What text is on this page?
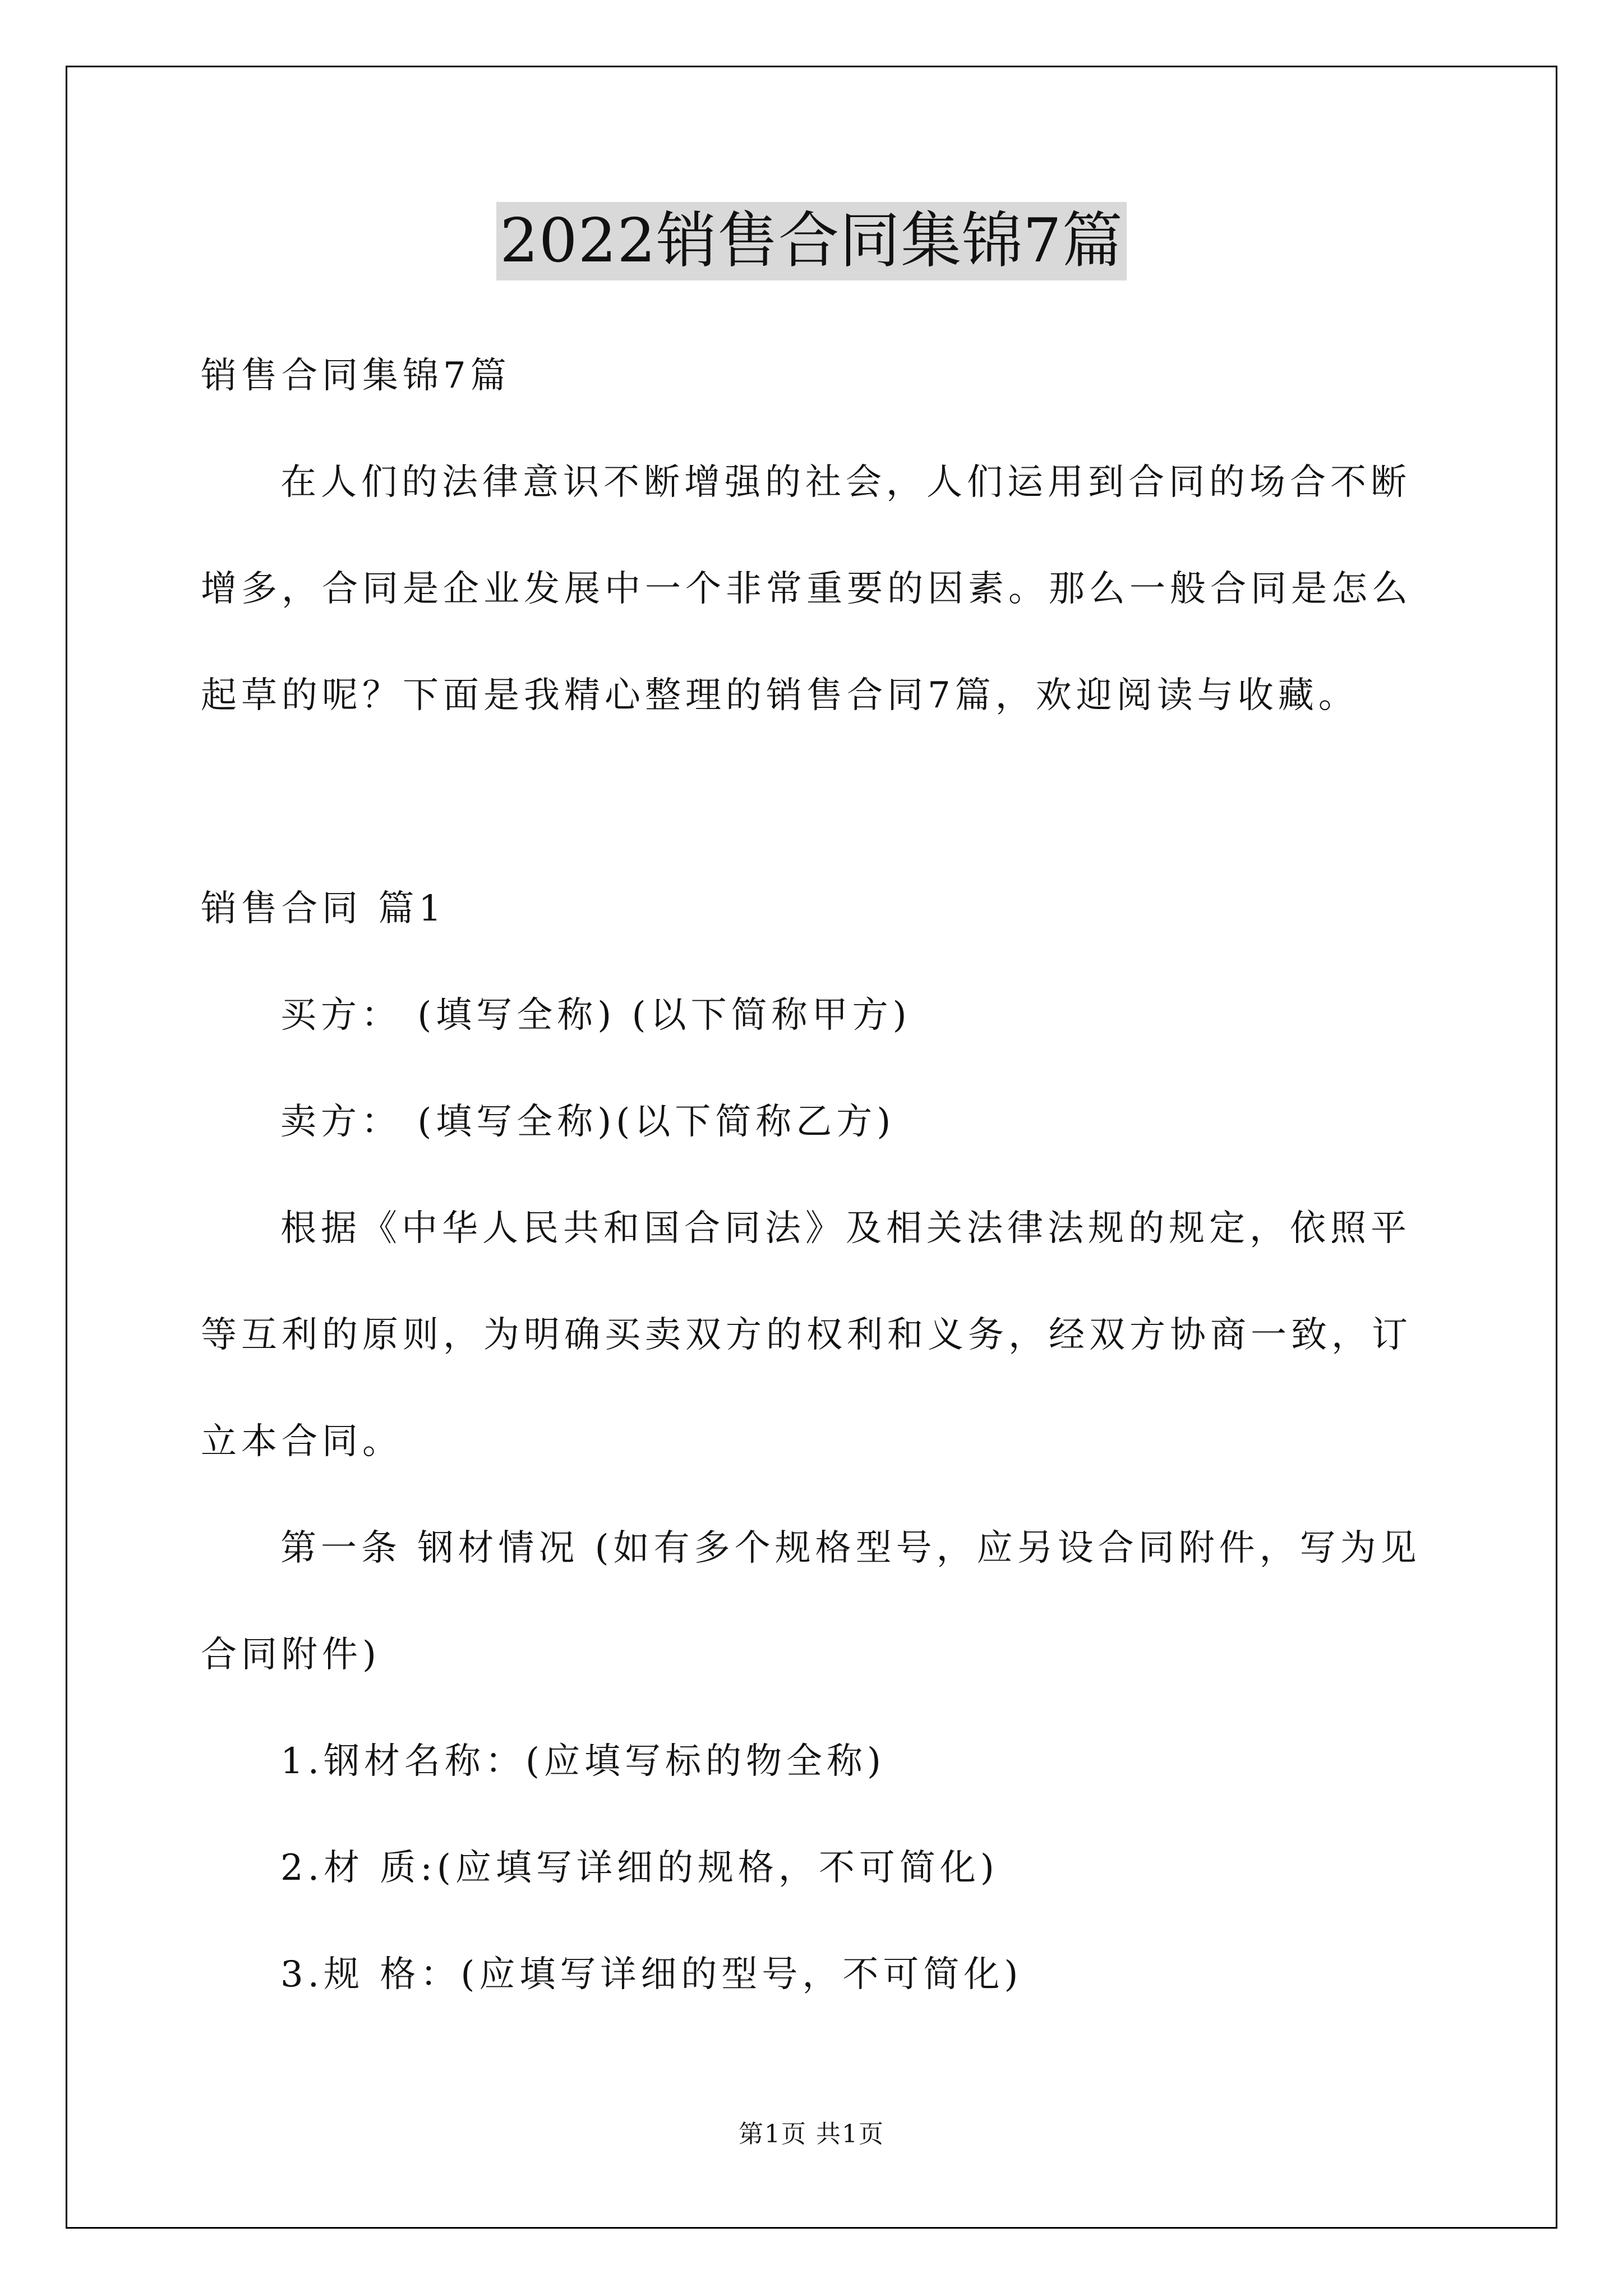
2022销售合同集锦7篇
销售合同集锦7篇
在人们的法律意识不断增强的社会，人们运用到合同的场合不断
增多，合同是企业发展中一个非常重要的因素。那么一般合同是怎么
起草的呢？下面是我精心整理的销售合同7篇，欢迎阅读与收藏。
销售合同 篇1
买方： (填写全称) (以下简称甲方)
卖方： (填写全称)(以下简称乙方)
根据《中华人民共和国合同法》及相关法律法规的规定，依照平
等互利的原则，为明确买卖双方的权利和义务，经双方协商一致，订
立本合同。
第一条 钢材情况 (如有多个规格型号，应另设合同附件，写为见
合同附件)
1.钢材名称：(应填写标的物全称)
2.材 质:(应填写详细的规格，不可简化)
3.规 格：(应填写详细的型号，不可简化)
第1页 共1页
